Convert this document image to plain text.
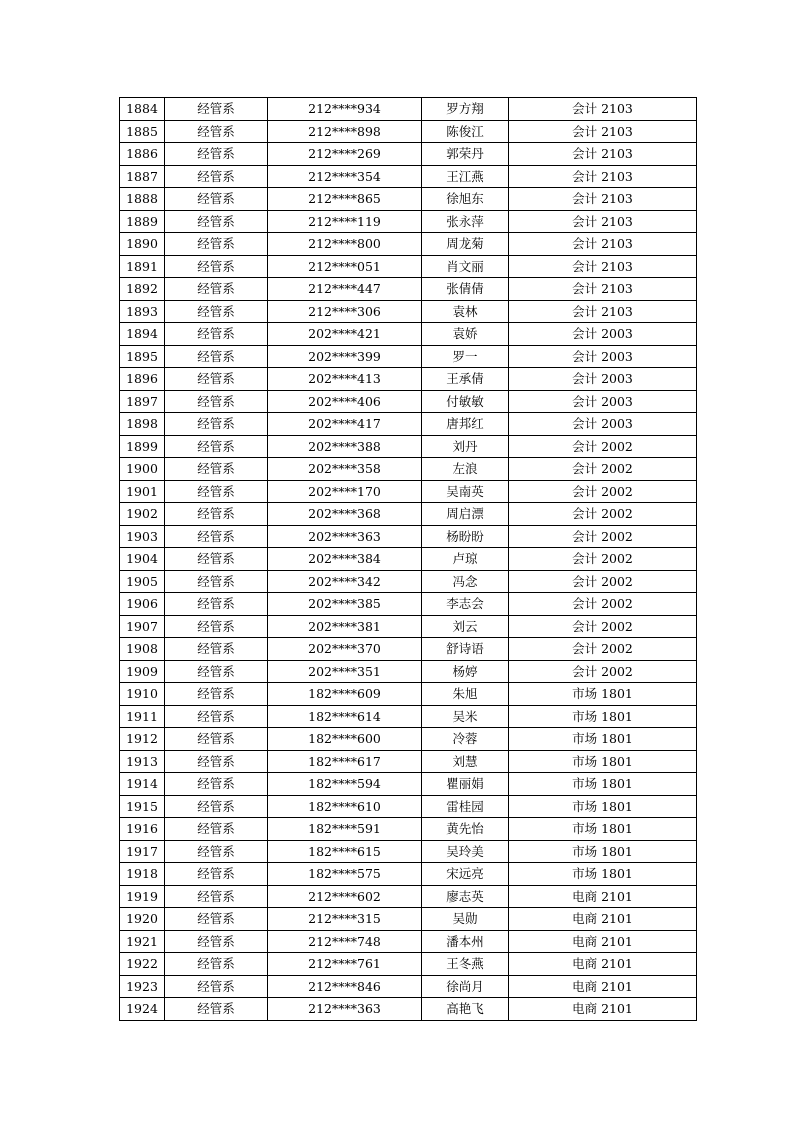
1884	经管系	212****934	罗方翔	会计 2103
1885	经管系	212****898	陈俊江	会计 2103
1886	经管系	212****269	郭荣丹	会计 2103
1887	经管系	212****354	王江燕	会计 2103
1888	经管系	212****865	徐旭东	会计 2103
1889	经管系	212****119	张永萍	会计 2103
1890	经管系	212****800	周龙菊	会计 2103
1891	经管系	212****051	肖文丽	会计 2103
1892	经管系	212****447	张倩倩	会计 2103
1893	经管系	212****306	袁林	会计 2103
1894	经管系	202****421	袁娇	会计 2003
1895	经管系	202****399	罗一	会计 2003
1896	经管系	202****413	王承倩	会计 2003
1897	经管系	202****406	付敏敏	会计 2003
1898	经管系	202****417	唐邦红	会计 2003
1899	经管系	202****388	刘丹	会计 2002
1900	经管系	202****358	左浪	会计 2002
1901	经管系	202****170	吴南英	会计 2002
1902	经管系	202****368	周启漂	会计 2002
1903	经管系	202****363	杨盼盼	会计 2002
1904	经管系	202****384	卢琼	会计 2002
1905	经管系	202****342	冯念	会计 2002
1906	经管系	202****385	李志会	会计 2002
1907	经管系	202****381	刘云	会计 2002
1908	经管系	202****370	舒诗语	会计 2002
1909	经管系	202****351	杨婷	会计 2002
1910	经管系	182****609	朱旭	市场 1801
1911	经管系	182****614	吴米	市场 1801
1912	经管系	182****600	冷蓉	市场 1801
1913	经管系	182****617	刘慧	市场 1801
1914	经管系	182****594	瞿丽娟	市场 1801
1915	经管系	182****610	雷桂园	市场 1801
1916	经管系	182****591	黄先怡	市场 1801
1917	经管系	182****615	吴玲美	市场 1801
1918	经管系	182****575	宋远亮	市场 1801
1919	经管系	212****602	廖志英	电商 2101
1920	经管系	212****315	吴勋	电商 2101
1921	经管系	212****748	潘本州	电商 2101
1922	经管系	212****761	王冬燕	电商 2101
1923	经管系	212****846	徐尚月	电商 2101
1924	经管系	212****363	高艳飞	电商 2101
